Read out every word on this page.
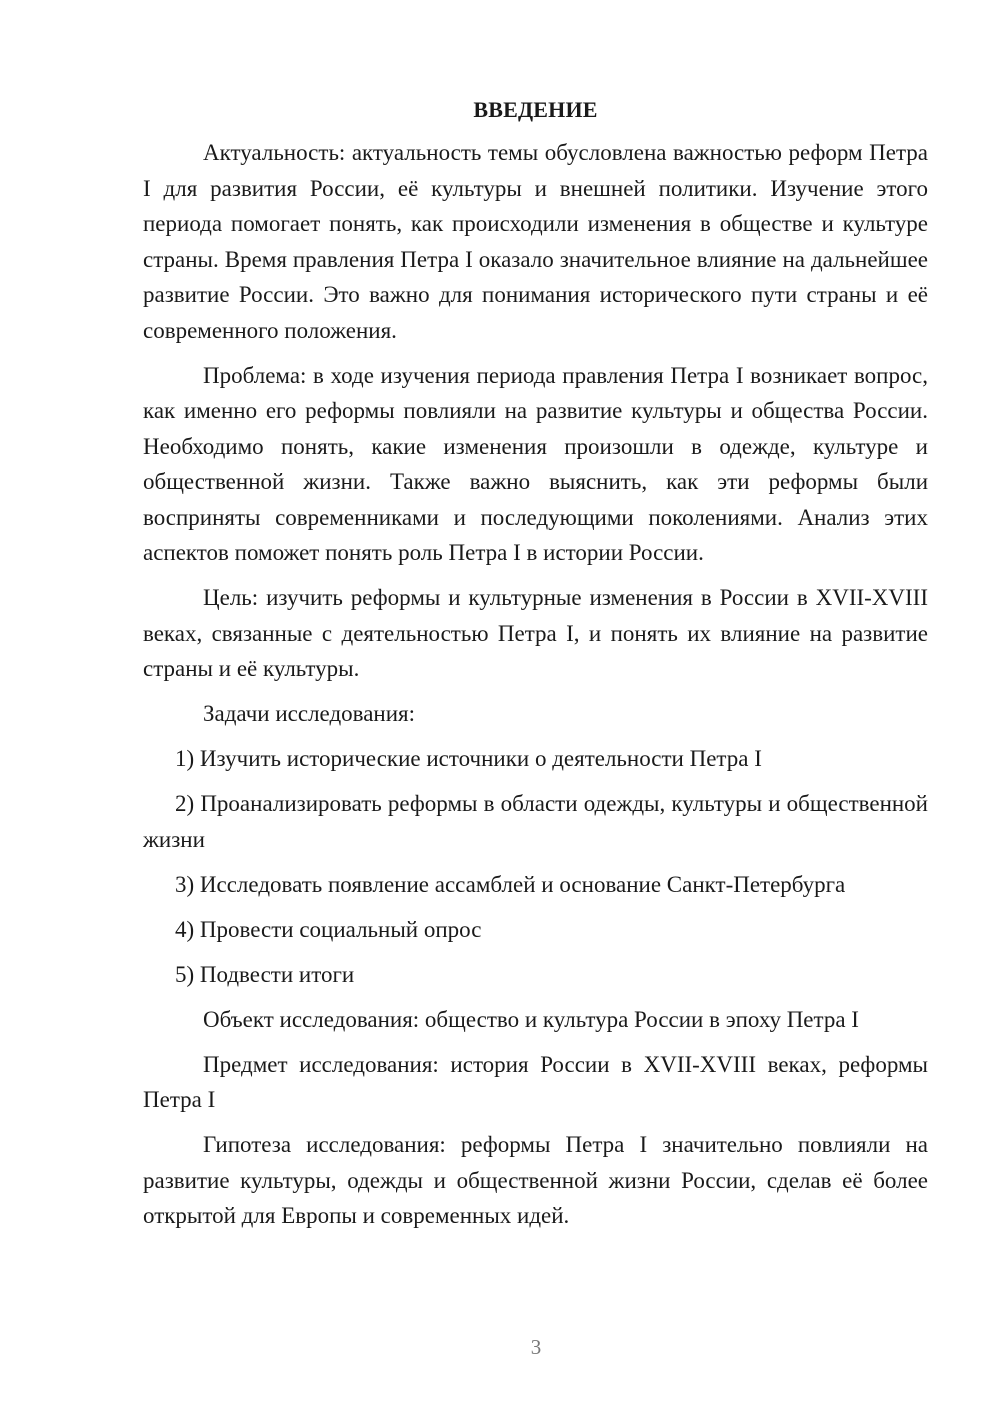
ВВЕДЕНИЕ

Актуальность: актуальность темы обусловлена важностью реформ Петра I для развития России, её культуры и внешней политики. Изучение этого периода помогает понять, как происходили изменения в обществе и культуре страны. Время правления Петра I оказало значительное влияние на дальнейшее развитие России. Это важно для понимания исторического пути страны и её современного положения.

Проблема: в ходе изучения периода правления Петра I возникает вопрос, как именно его реформы повлияли на развитие культуры и общества России. Необходимо понять, какие изменения произошли в одежде, культуре и общественной жизни. Также важно выяснить, как эти реформы были восприняты современниками и последующими поколениями. Анализ этих аспектов поможет понять роль Петра I в истории России.

Цель: изучить реформы и культурные изменения в России в XVII-XVIII веках, связанные с деятельностью Петра I, и понять их влияние на развитие страны и её культуры.

Задачи исследования:

1) Изучить исторические источники о деятельности Петра I

2) Проанализировать реформы в области одежды, культуры и общественной жизни

3) Исследовать появление ассамблей и основание Санкт-Петербурга

4) Провести социальный опрос

5) Подвести итоги

Объект исследования: общество и культура России в эпоху Петра I

Предмет исследования: история России в XVII-XVIII веках, реформы Петра I

Гипотеза исследования: реформы Петра I значительно повлияли на развитие культуры, одежды и общественной жизни России, сделав её более открытой для Европы и современных идей.

3
